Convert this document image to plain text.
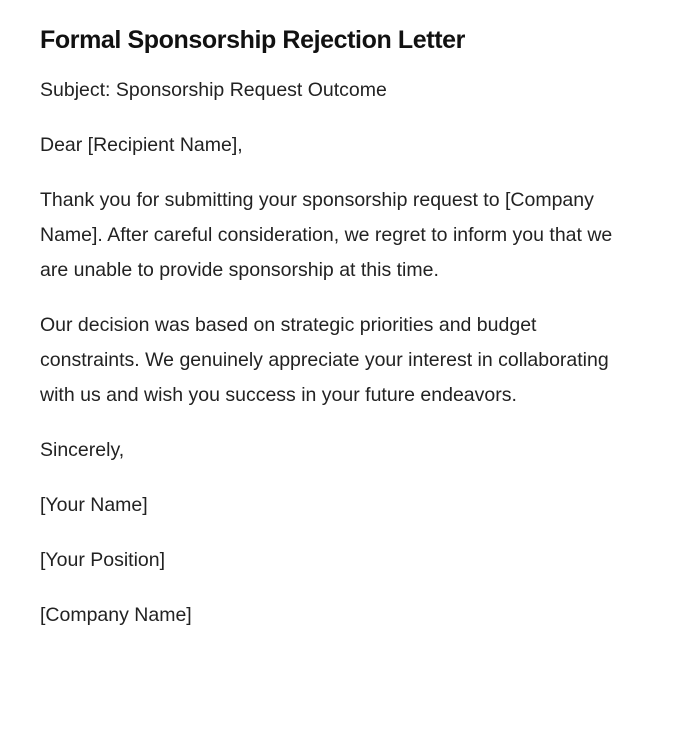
Formal Sponsorship Rejection Letter

Subject: Sponsorship Request Outcome

Dear [Recipient Name],

Thank you for submitting your sponsorship request to [Company Name]. After careful consideration, we regret to inform you that we are unable to provide sponsorship at this time.

Our decision was based on strategic priorities and budget constraints. We genuinely appreciate your interest in collaborating with us and wish you success in your future endeavors.

Sincerely,

[Your Name]

[Your Position]

[Company Name]
